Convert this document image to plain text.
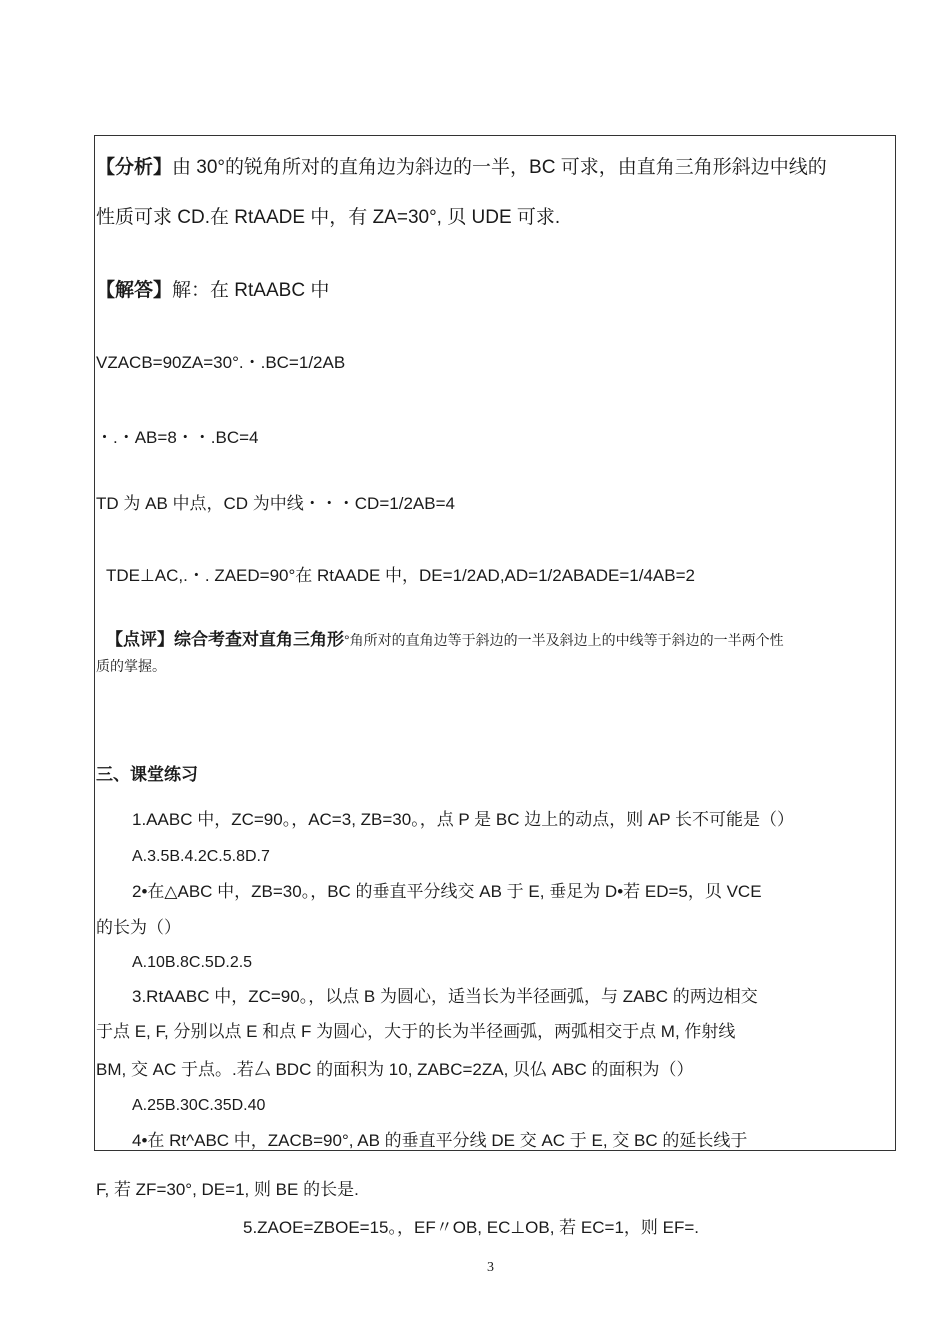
【分析】由 30°的锐角所对的直角边为斜边的一半，BC 可求，由直角三角形斜边中线的
性质可求 CD.在 RtAADE 中，有 ZA=30°, 贝 UDE 可求.
【解答】解：在 RtAABC 中
VZACB=90ZA=30°.・.BC=1/2AB
・.・AB=8・・.BC=4
TD 为 AB 中点，CD 为中线・・・CD=1/2AB=4
TDE⊥AC,.・. ZAED=90°在 RtAADE 中，DE=1/2AD,AD=1/2ABADE=1/4AB=2
【点评】综合考查对直角三角形°角所对的直角边等于斜边的一半及斜边上的中线等于斜边的一半两个性
质的掌握。
三、课堂练习
1.AABC 中，ZC=90。，AC=3, ZB=30。，点 P 是 BC 边上的动点，则 AP 长不可能是（）
A.3.5B.4.2C.5.8D.7
2•在△ABC 中，ZB=30。，BC 的垂直平分线交 AB 于 E, 垂足为 D•若 ED=5，贝 VCE
的长为（）
A.10B.8C.5D.2.5
3.RtAABC 中，ZC=90。，以点 B 为圆心，适当长为半径画弧，与 ZABC 的两边相交
于点 E, F, 分别以点 E 和点 F 为圆心，大于的长为半径画弧，两弧相交于点 M, 作射线
BM, 交 AC 于点。.若厶 BDC 的面积为 10, ZABC=2ZA, 贝仏 ABC 的面积为（）
A.25B.30C.35D.40
4•在 Rt^ABC 中，ZACB=90°, AB 的垂直平分线 DE 交 AC 于 E, 交 BC 的延长线于
F, 若 ZF=30°, DE=1, 则 BE 的长是.
5.ZAOE=ZBOE=15。，EF〃OB, EC⊥OB, 若 EC=1，则 EF=.
3
